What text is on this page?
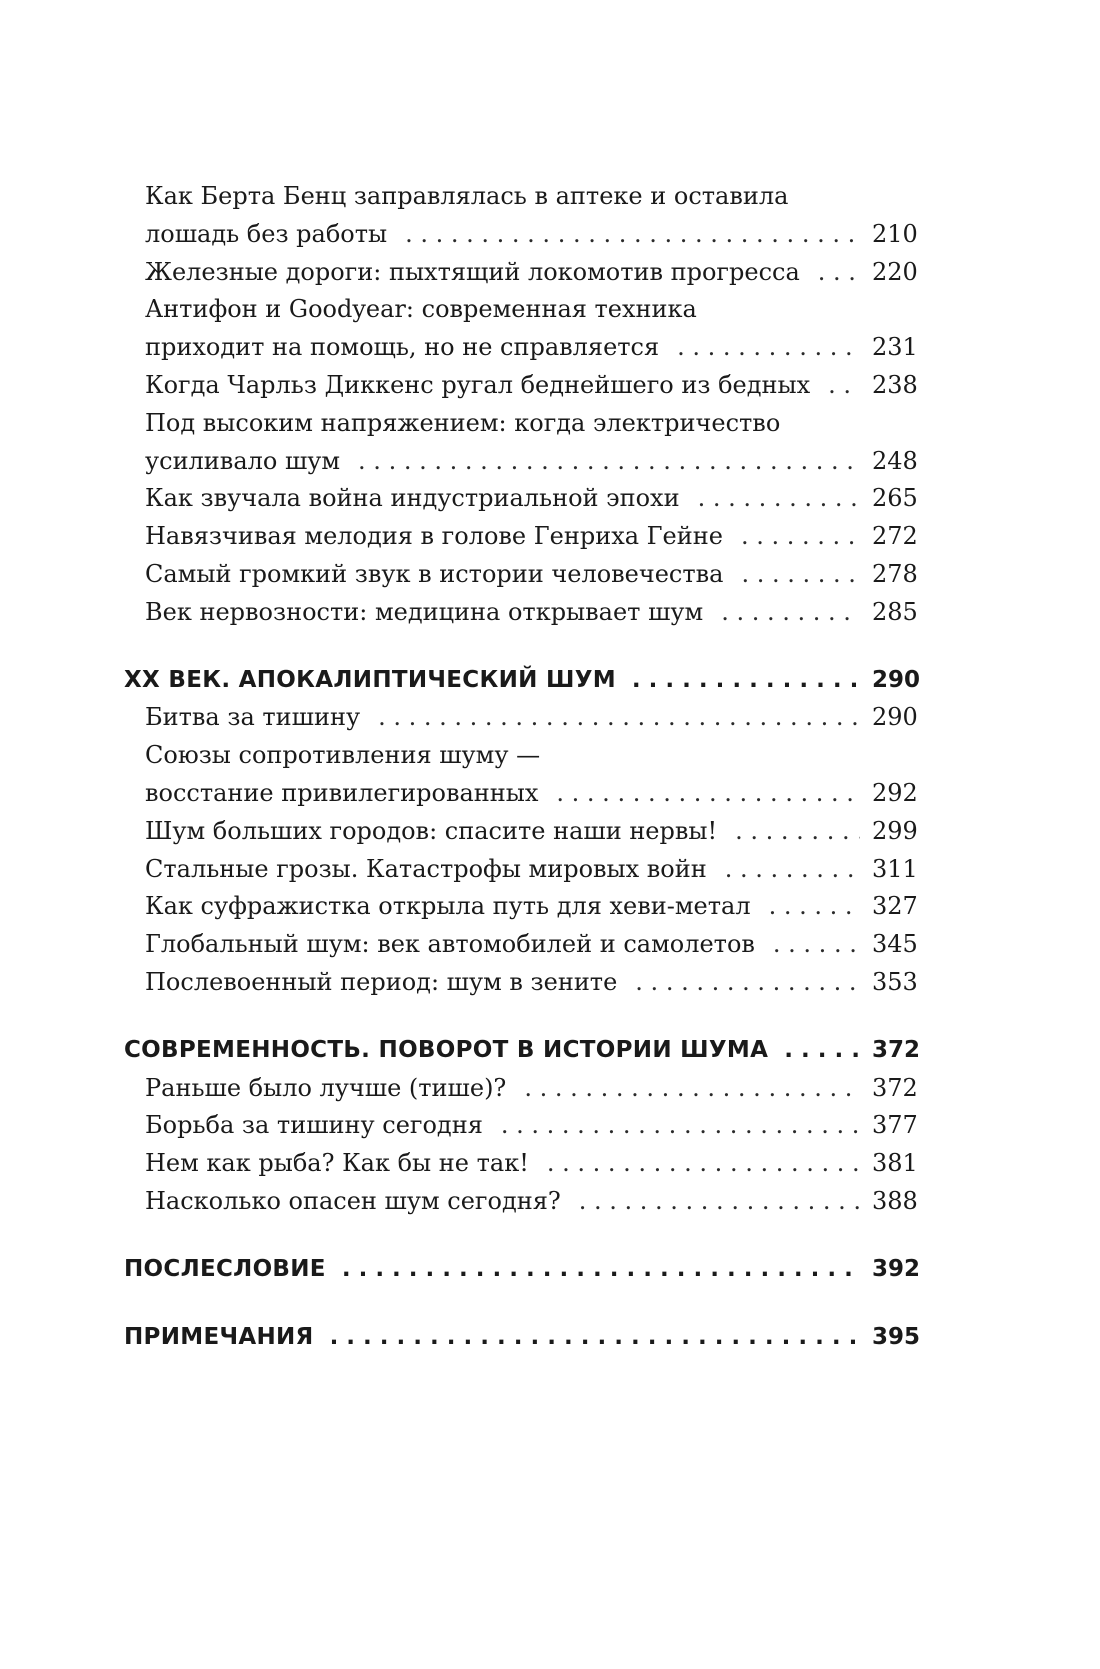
Как Берта Бенц заправлялась в аптеке и оставила
лошадь без работы . . .	210
Железные дороги: пыхтящий локомотив прогресса . . .	220
Антифон и Goodyear: современная техника
приходит на помощь, но не справляется . . .	231
Когда Чарльз Диккенс ругал беднейшего из бедных . . .	238
Под высоким напряжением: когда электричество
усиливало шум . . .	248
Как звучала война индустриальной эпохи . . .	265
Навязчивая мелодия в голове Генриха Гейне . . .	272
Самый громкий звук в истории человечества . . .	278
Век нервозности: медицина открывает шум . . .	285
XX ВЕК. АПОКАЛИПТИЧЕСКИЙ ШУМ . . .	290
Битва за тишину . . .	290
Союзы сопротивления шуму —
восстание привилегированных . . .	292
Шум больших городов: спасите наши нервы! . . .	299
Стальные грозы. Катастрофы мировых войн . . .	311
Как суфражистка открыла путь для хеви-метал . . .	327
Глобальный шум: век автомобилей и самолетов . . .	345
Послевоенный период: шум в зените . . .	353
СОВРЕМЕННОСТЬ. ПОВОРОТ В ИСТОРИИ ШУМА . . .	372
Раньше было лучше (тише)? . . .	372
Борьба за тишину сегодня . . .	377
Нем как рыба? Как бы не так! . . .	381
Насколько опасен шум сегодня? . . .	388
ПОСЛЕСЛОВИЕ . . .	392
ПРИМЕЧАНИЯ . . .	395
